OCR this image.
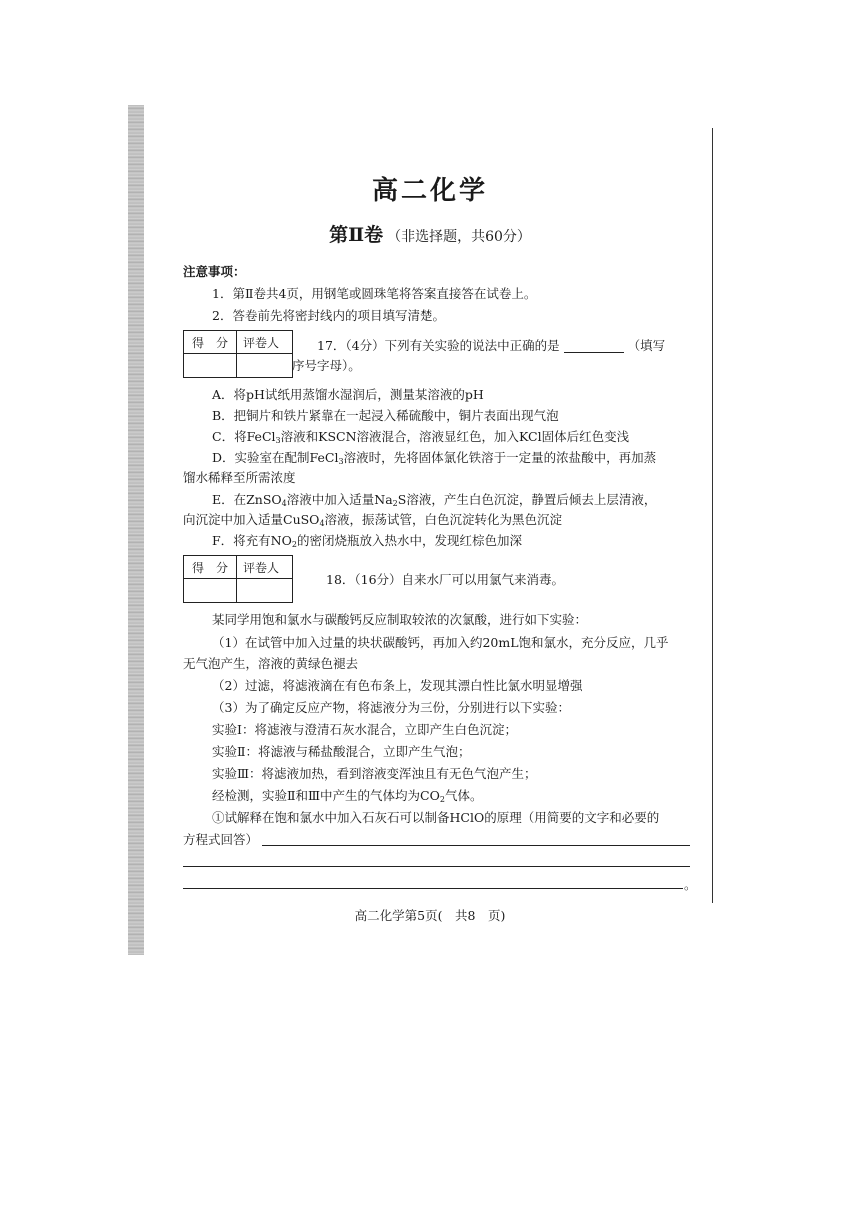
高二化学
第Ⅱ卷 （非选择题，共60分）
注意事项：
1．第Ⅱ卷共4页，用钢笔或圆珠笔将答案直接答在试卷上。
2．答卷前先将密封线内的项目填写清楚。
得　分 评卷人	17．（4分）下列有关实验的说法中正确的是	（填写
序号字母）。
A．将pH试纸用蒸馏水湿润后，测量某溶液的pH
B．把铜片和铁片紧靠在一起浸入稀硫酸中，铜片表面出现气泡
C．将FeCl$_3$溶液和KSCN溶液混合，溶液显红色，加入KCl固体后红色变浅
D．实验室在配制FeCl$_3$溶液时，先将固体氯化铁溶于一定量的浓盐酸中，再加蒸
馏水稀释至所需浓度
E．在ZnSO$_4$溶液中加入适量$Na_2S$溶液，产生白色沉淀，静置后倾去上层清液，
向沉淀中加入适量CuSO$_4$溶液，振荡试管，白色沉淀转化为黑色沉淀
F．将充有$NO_2$的密闭烧瓶放入热水中，发现红棕色加深
得　分 评卷人
18．（16分）自来水厂可以用氯气来消毒。
某同学用饱和氯水与碳酸钙反应制取较浓的次氯酸，进行如下实验：
（1）在试管中加入过量的块状碳酸钙，再加入约20mL饱和氯水，充分反应，几乎
无气泡产生，溶液的黄绿色褪去
（2）过滤，将滤液滴在有色布条上，发现其漂白性比氯水明显增强
（3）为了确定反应产物，将滤液分为三份，分别进行以下实验：
实验Ⅰ：将滤液与澄清石灰水混合，立即产生白色沉淀；
实验Ⅱ：将滤液与稀盐酸混合，立即产生气泡；
实验Ⅲ：将滤液加热，看到溶液变浑浊且有无色气泡产生；
经检测，实验Ⅱ和Ⅲ中产生的气体均为$CO_2$气体。
①试解释在饱和氯水中加入石灰石可以制备HClO的原理（用简要的文字和必要的
方程式回答）
。
高二化学第5页(　共8　页)
